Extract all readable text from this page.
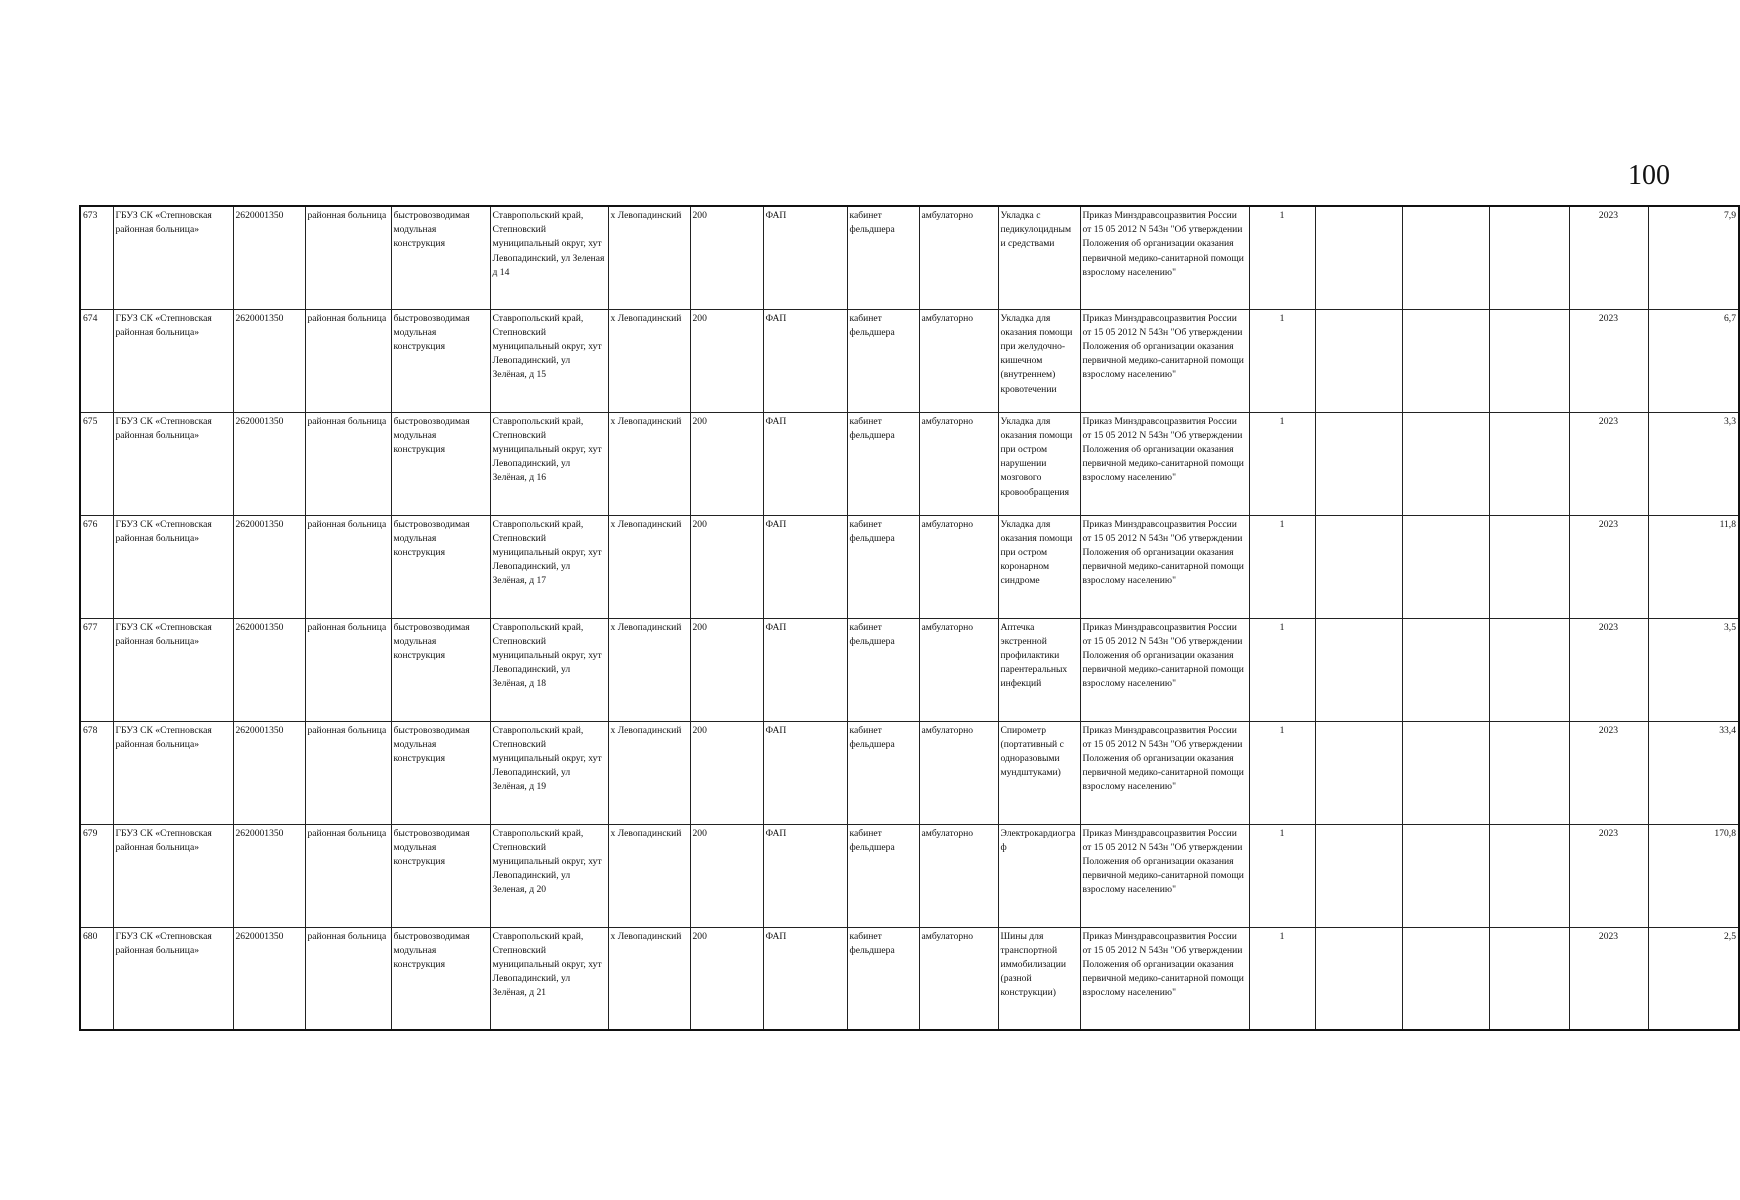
100
673	ГБУЗ СК «Степновская районная больница»	2620001350	районная больница	быстровозводимая модульная конструкция	Ставропольский край, Степновский муниципальный округ, хут Левопадинский, ул Зеленая д 14	х Левопадинский	200	ФАП	кабинет фельдшера	амбулаторно	Укладка с педикулоцидным и средствами	Приказ Минздравсоцразвития России от 15 05 2012 N 543н "Об утверждении Положения об организации оказания первичной медико-санитарной помощи взрослому населению"	1				2023	7,9

674	ГБУЗ СК «Степновская районная больница»	2620001350	районная больница	быстровозводимая модульная конструкция	Ставропольский край, Степновский муниципальный округ, хут Левопадинский, ул Зелёная, д 15	х Левопадинский	200	ФАП	кабинет фельдшера	амбулаторно	Укладка для оказания помощи при желудочно-кишечном (внутреннем) кровотечении	Приказ Минздравсоцразвития России от 15 05 2012 N 543н "Об утверждении Положения об организации оказания первичной медико-санитарной помощи взрослому населению"	1				2023	6,7

675	ГБУЗ СК «Степновская районная больница»	2620001350	районная больница	быстровозводимая модульная конструкция	Ставропольский край, Степновский муниципальный округ, хут Левопадинский, ул Зелёная, д 16	х Левопадинский	200	ФАП	кабинет фельдшера	амбулаторно	Укладка для оказания помощи при остром нарушении мозгового кровообращения	Приказ Минздравсоцразвития России от 15 05 2012 N 543н "Об утверждении Положения об организации оказания первичной медико-санитарной помощи взрослому населению"	1				2023	3,3

676	ГБУЗ СК «Степновская районная больница»	2620001350	районная больница	быстровозводимая модульная конструкция	Ставропольский край, Степновский муниципальный округ, хут Левопадинский, ул Зелёная, д 17	х Левопадинский	200	ФАП	кабинет фельдшера	амбулаторно	Укладка для оказания помощи при остром коронарном синдроме	Приказ Минздравсоцразвития России от 15 05 2012 N 543н "Об утверждении Положения об организации оказания первичной медико-санитарной помощи взрослому населению"	1				2023	11,8

677	ГБУЗ СК «Степновская районная больница»	2620001350	районная больница	быстровозводимая модульная конструкция	Ставропольский край, Степновский муниципальный округ, хут Левопадинский, ул Зелёная, д 18	х Левопадинский	200	ФАП	кабинет фельдшера	амбулаторно	Аптечка экстренной профилактики парентеральных инфекций	Приказ Минздравсоцразвития России от 15 05 2012 N 543н "Об утверждении Положения об организации оказания первичной медико-санитарной помощи взрослому населению"	1				2023	3,5

678	ГБУЗ СК «Степновская районная больница»	2620001350	районная больница	быстровозводимая модульная конструкция	Ставропольский край, Степновский муниципальный округ, хут Левопадинский, ул Зелёная, д 19	х Левопадинский	200	ФАП	кабинет фельдшера	амбулаторно	Спирометр (портативный с одноразовыми мундштуками)	Приказ Минздравсоцразвития России от 15 05 2012 N 543н "Об утверждении Положения об организации оказания первичной медико-санитарной помощи взрослому населению"	1				2023	33,4

679	ГБУЗ СК «Степновская районная больница»	2620001350	районная больница	быстровозводимая модульная конструкция	Ставропольский край, Степновский муниципальный округ, хут Левопадинский, ул Зеленая, д 20	х Левопадинский	200	ФАП	кабинет фельдшера	амбулаторно	Электрокардиограф	Приказ Минздравсоцразвития России от 15 05 2012 N 543н "Об утверждении Положения об организации оказания первичной медико-санитарной помощи взрослому населению"	1				2023	170,8

680	ГБУЗ СК «Степновская районная больница»	2620001350	районная больница	быстровозводимая модульная конструкция	Ставропольский край, Степновский муниципальный округ, хут Левопадинский, ул Зелёная, д 21	х Левопадинский	200	ФАП	кабинет фельдшера	амбулаторно	Шины для транспортной иммобилизации (разной конструкции)	Приказ Минздравсоцразвития России от 15 05 2012 N 543н "Об утверждении Положения об организации оказания первичной медико-санитарной помощи взрослому населению"	1				2023	2,5
